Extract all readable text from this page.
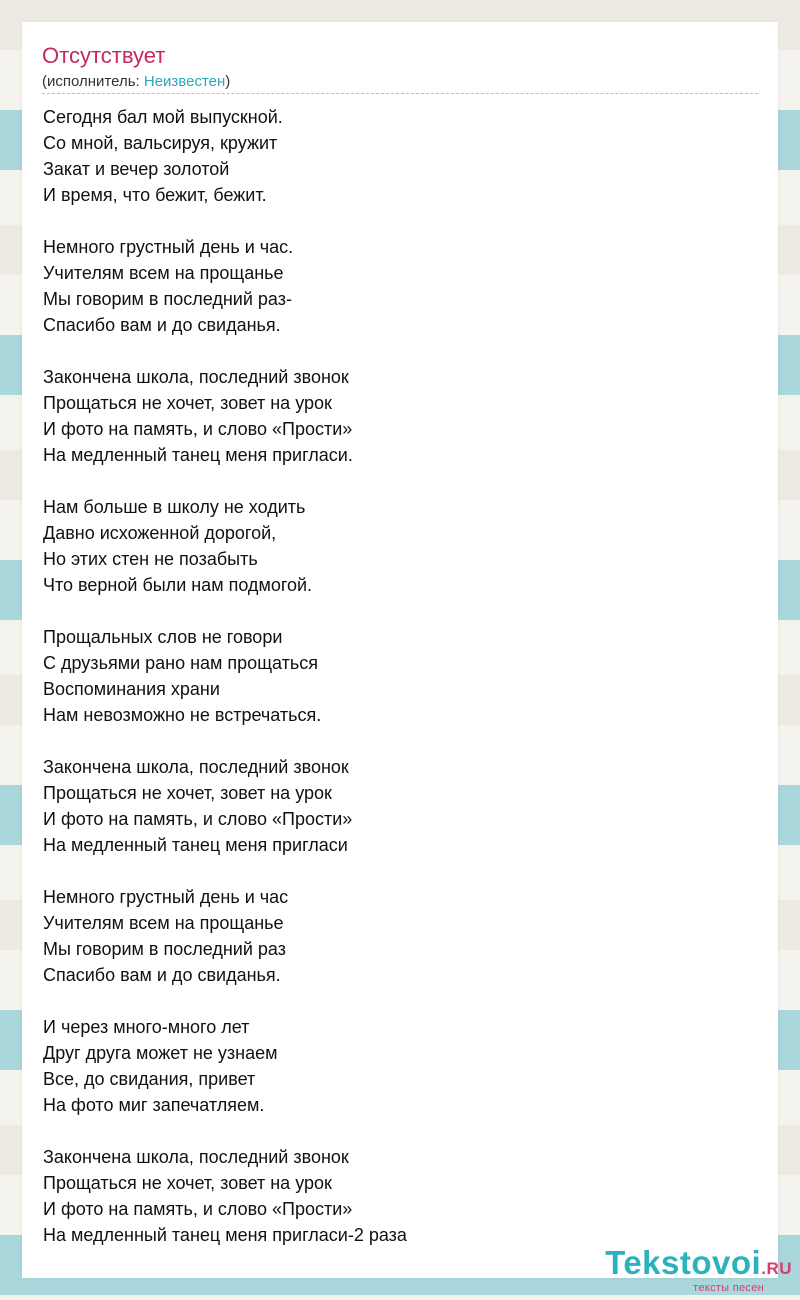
Отсутствует
(исполнитель: Неизвестен)
Сегодня бал мой выпускной.
Со мной, вальсируя, кружит
Закат и вечер золотой
И время, что бежит, бежит.
Немного грустный день и час.
Учителям всем на прощанье
Мы говорим в последний раз-
Спасибо вам и до свиданья.
Закончена школа, последний звонок
Прощаться не хочет, зовет на урок
И фото на память, и слово «Прости»
На медленный танец меня пригласи.
Нам больше в школу не ходить
Давно исхоженной дорогой,
Но этих стен не позабыть
Что верной были нам подмогой.
Прощальных слов не говори
С друзьями рано нам прощаться
Воспоминания храни
Нам невозможно не встречаться.
Закончена школа, последний звонок
Прощаться не хочет, зовет на урок
И фото на память, и слово «Прости»
На медленный танец меня пригласи
Немного грустный день и час
Учителям всем на прощанье
Мы говорим в последний раз
Спасибо вам и до свиданья.
И через много-много лет
Друг друга может не узнаем
Все, до свидания, привет
На фото миг запечатляем.
Закончена школа, последний звонок
Прощаться не хочет, зовет на урок
И фото на память, и слово «Прости»
На медленный танец меня пригласи-2 раза
Tekstovoi.RU
тексты песен
